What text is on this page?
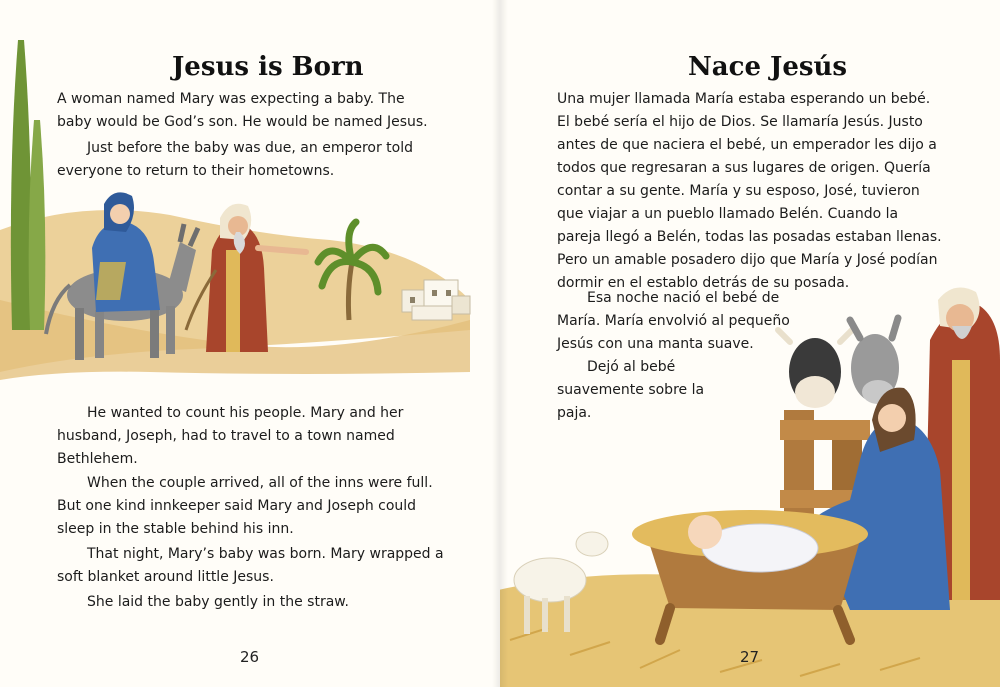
Jesus is Born

A woman named Mary was expecting a baby. The baby would be God’s son. He would be named Jesus.

Just before the baby was due, an emperor told everyone to return to their hometowns.

He wanted to count his people. Mary and her husband, Joseph, had to travel to a town named Bethlehem.

When the couple arrived, all of the inns were full. But one kind innkeeper said Mary and Joseph could sleep in the stable behind his inn.

That night, Mary’s baby was born. Mary wrapped a soft blanket around little Jesus.

She laid the baby gently in the straw.

26
Nace Jesús

Una mujer llamada María estaba esperando un bebé. El bebé sería el hijo de Dios. Se llamaría Jesús. Justo antes de que naciera el bebé, un emperador les dijo a todos que regresaran a sus lugares de origen. Quería contar a su gente. María y su esposo, José, tuvieron que viajar a un pueblo llamado Belén. Cuando la pareja llegó a Belén, todas las posadas estaban llenas. Pero un amable posadero dijo que María y José podían dormir en el establo detrás de su posada.

Esa noche nació el bebé de María. María envolvió al pequeño Jesús con una manta suave.

Dejó al bebé suavemente sobre la paja.

27
